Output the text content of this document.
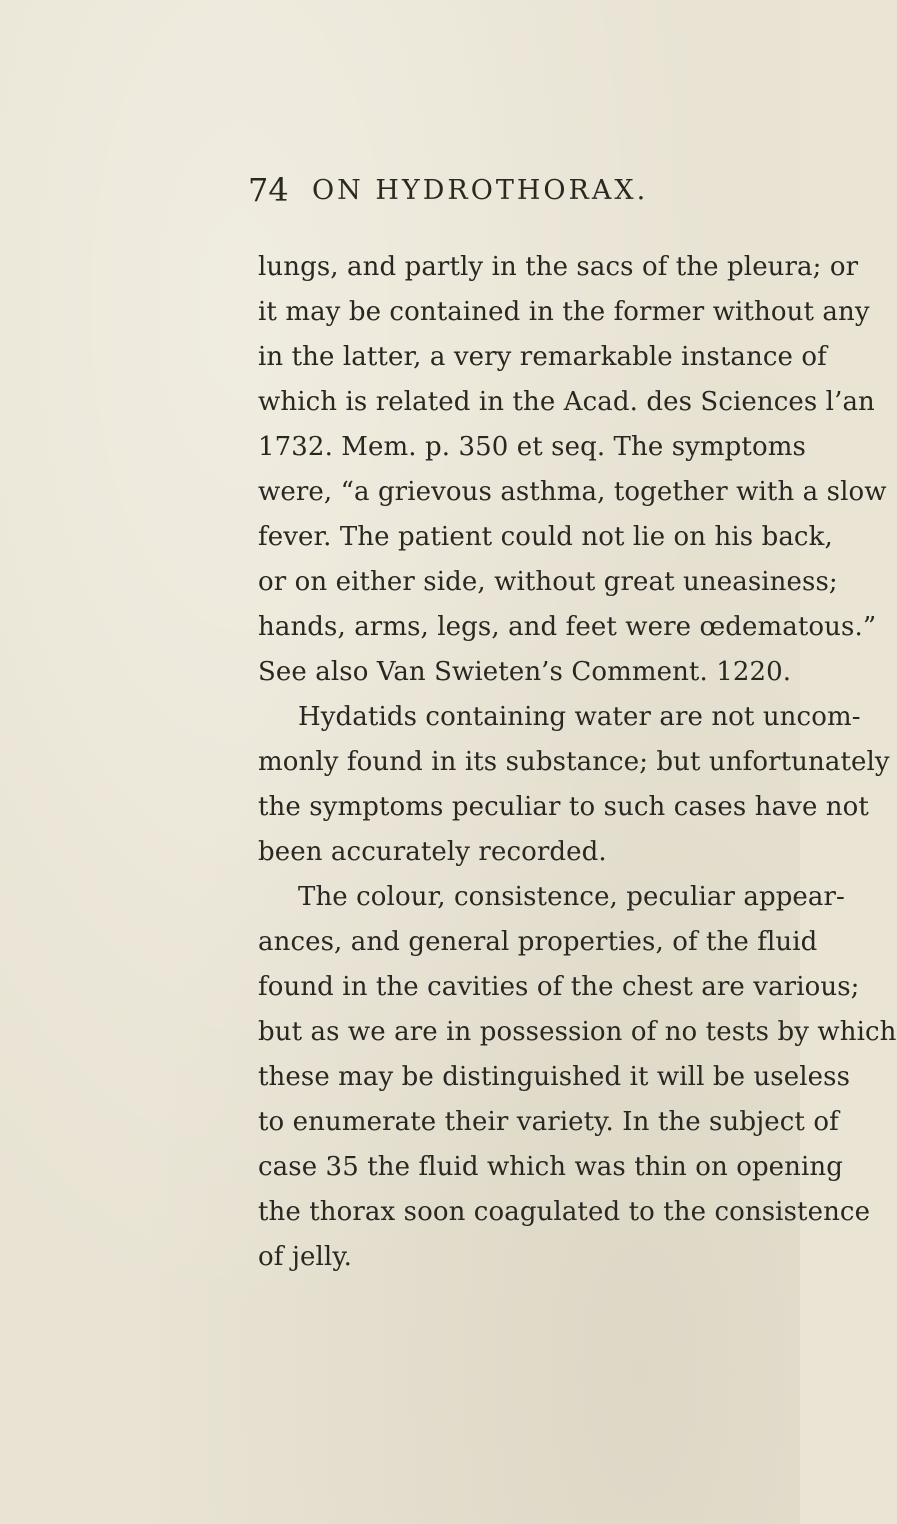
74 ON HYDROTHORAX.
lungs, and partly in the sacs of the pleura; or
it may be contained in the former without any
in the latter, a very remarkable instance of
which is related in the Acad. des Sciences l’an
1732. Mem. p. 350 et seq. The symptoms
were, “a grievous asthma, together with a slow
fever. The patient could not lie on his back,
or on either side, without great uneasiness;
hands, arms, legs, and feet were œdematous.”
See also Van Swieten’s Comment. 1220.
Hydatids containing water are not uncom-
monly found in its substance; but unfortunately
the symptoms peculiar to such cases have not
been accurately recorded.
The colour, consistence, peculiar appear-
ances, and general properties, of the fluid
found in the cavities of the chest are various;
but as we are in possession of no tests by which
these may be distinguished it will be useless
to enumerate their variety. In the subject of
case 35 the fluid which was thin on opening
the thorax soon coagulated to the consistence
of jelly.
